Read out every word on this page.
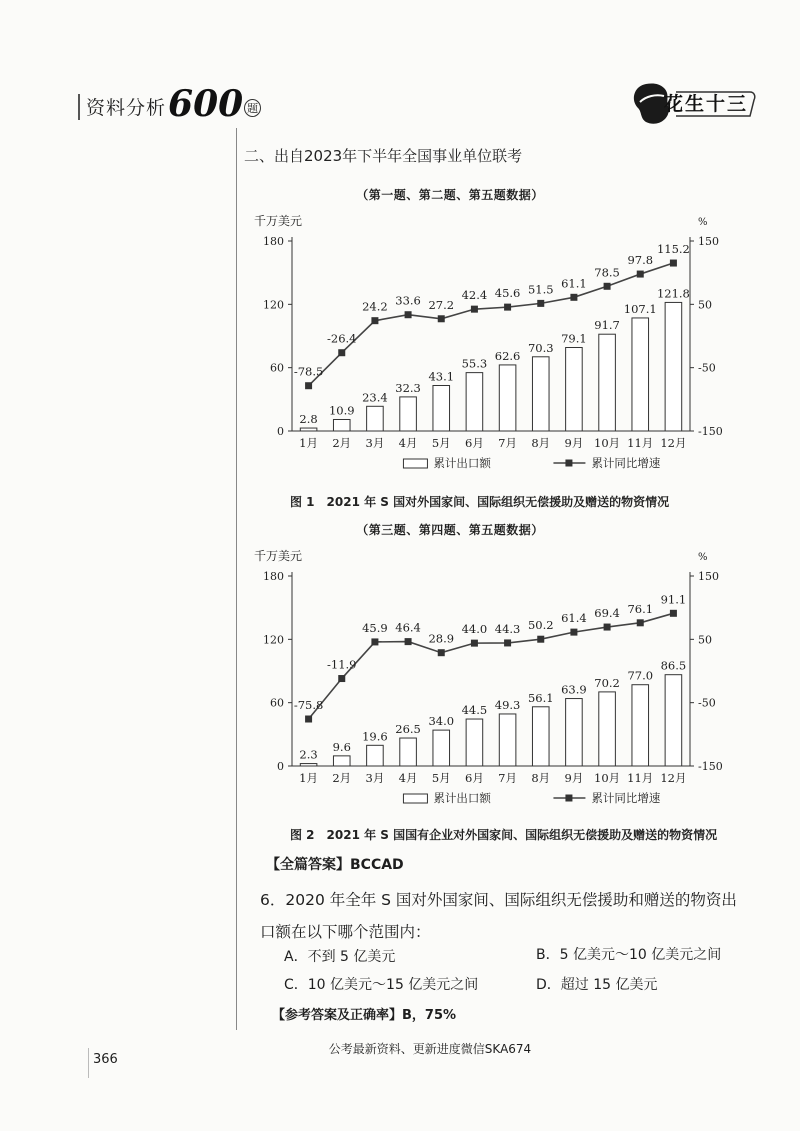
资料分析 600 题	花生十三
二、出自2023年下半年全国事业单位联考
（第一题、第二题、第五题数据）
千万美元	%
0
60
120
180
-150
-50
50
150
2.8
1月
10.9
2月
23.4
3月
32.3
4月
43.1
5月
55.3
6月
62.6
7月
70.3
8月
79.1
9月
91.7
10月
107.1
11月
121.8
12月
-78.5
-26.4
24.2 33.6 27.2
42.4 45.6 51.5 61.1
78.5
97.8
115.2
累计出口额	累计同比增速
图 1　2021 年 S 国对外国家间、国际组织无偿援助及赠送的物资情况
（第三题、第四题、第五题数据）
千万美元	%
0
60
120
180
-150
-50
50
150
2.3
1月
9.6
2月
19.6
3月
26.5
4月
34.0
5月
44.5
6月
49.3
7月
56.1
8月
63.9
9月
70.2
10月
77.0
11月
86.5
12月
-75.8
-11.9
45.9 46.4
28.9
44.0 44.3 50.2
61.4 69.4 76.1
91.1
累计出口额	累计同比增速
图 2　2021 年 S 国国有企业对外国家间、国际组织无偿援助及赠送的物资情况
【全篇答案】BCCAD
6．2020 年全年 S 国对外国家间、国际组织无偿援助和赠送的物资出口额在以下哪个范围内：
A．不到 5 亿美元	B．5 亿美元～10 亿美元之间
C．10 亿美元～15 亿美元之间	D．超过 15 亿美元
【参考答案及正确率】B，75%
公考最新资料、更新进度微信SKA674
366
